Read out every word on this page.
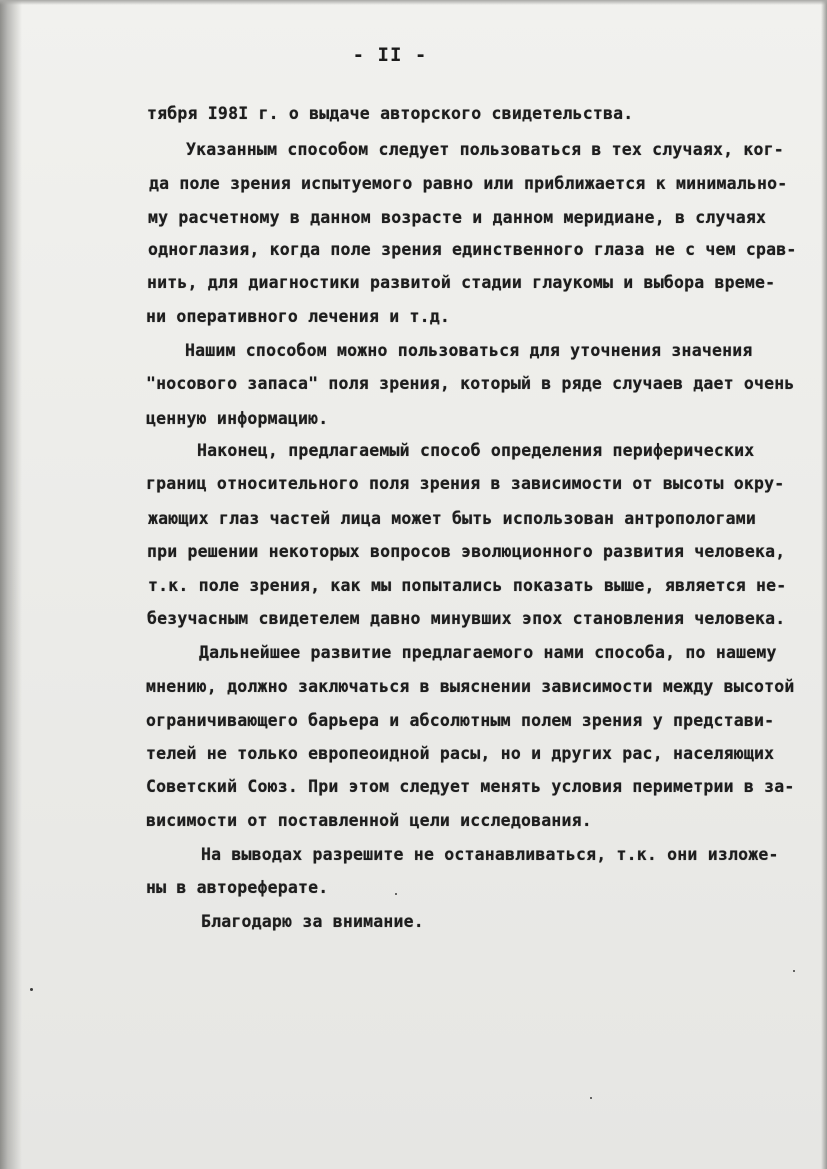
- II -
тября I98I г. о выдаче авторского свидетельства.
Указанным способом следует пользоваться в тех случаях, ког-
да поле зрения испытуемого равно или приближается к минимально-
му расчетному в данном возрасте и данном меридиане, в случаях
одноглазия, когда поле зрения единственного глаза не с чем срав-
нить, для диагностики развитой стадии глаукомы и выбора време-
ни оперативного лечения и т.д.
Нашим способом можно пользоваться для уточнения значения
"носового запаса" поля зрения, который в ряде случаев дает очень
ценную информацию.
Наконец, предлагаемый способ определения периферических
границ относительного поля зрения в зависимости от высоты окру-
жающих глаз частей лица может быть использован антропологами
при решении некоторых вопросов эволюционного развития человека,
т.к. поле зрения, как мы попытались показать выше, является не-
безучасным свидетелем давно минувших эпох становления человека.
Дальнейшее развитие предлагаемого нами способа, по нашему
мнению, должно заключаться в выяснении зависимости между высотой
ограничивающего барьера и абсолютным полем зрения у представи-
телей не только европеоидной расы, но и других рас, населяющих
Советский Союз. При этом следует менять условия периметрии в за-
висимости от поставленной цели исследования.
На выводах разрешите не останавливаться, т.к. они изложе-
ны в автореферате.
Благодарю за внимание.
